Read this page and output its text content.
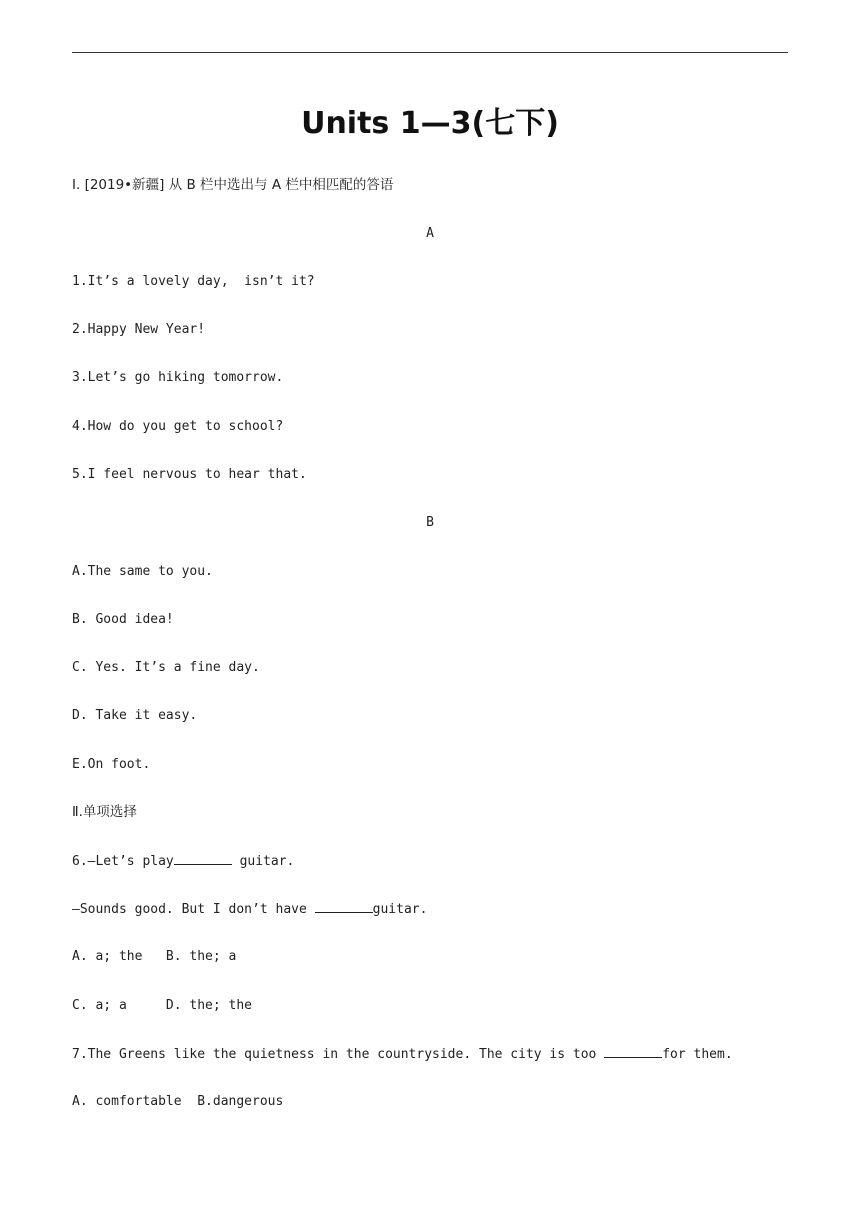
Units 1—3(七下)
Ⅰ. [2019•新疆] 从 B 栏中选出与 A 栏中相匹配的答语
A
1.It’s a lovely day,  isn’t it?
2.Happy New Year!
3.Let’s go hiking tomorrow.
4.How do you get to school?
5.I feel nervous to hear that.
B
A.The same to you.
B. Good idea!
C. Yes. It’s a fine day.
D. Take it easy.
E.On foot.
Ⅱ.单项选择
6.—Let’s play	guitar.
—Sounds good. But I don’t have	guitar.
A. a; the   B. the; a
C. a; a     D. the; the
7.The Greens like the quietness in the countryside. The city is too	for them.
A. comfortable  B.dangerous
